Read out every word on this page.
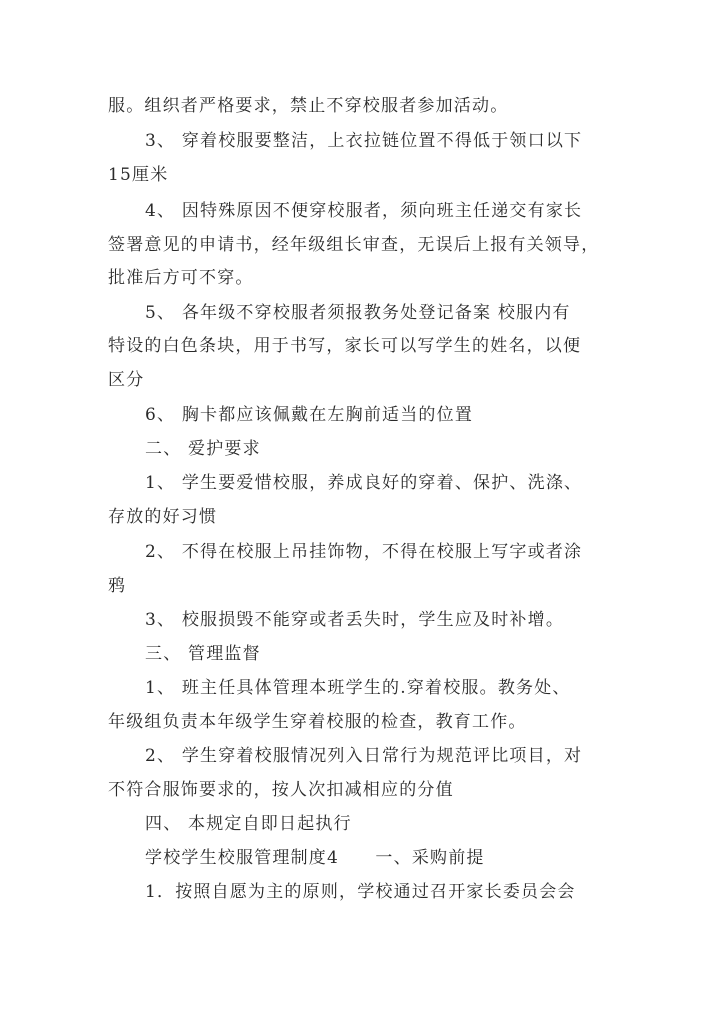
服。组织者严格要求，禁止不穿校服者参加活动。
3、 穿着校服要整洁，上衣拉链位置不得低于领口以下
15厘米
4、 因特殊原因不便穿校服者，须向班主任递交有家长
签署意见的申请书，经年级组长审查，无误后上报有关领导，
批准后方可不穿。
5、 各年级不穿校服者须报教务处登记备案 校服内有
特设的白色条块，用于书写，家长可以写学生的姓名，以便
区分
6、 胸卡都应该佩戴在左胸前适当的位置
二、 爱护要求
1、 学生要爱惜校服，养成良好的穿着、保护、洗涤、
存放的好习惯
2、 不得在校服上吊挂饰物，不得在校服上写字或者涂
鸦
3、 校服损毁不能穿或者丢失时，学生应及时补增。
三、 管理监督
1、 班主任具体管理本班学生的.穿着校服。教务处、
年级组负责本年级学生穿着校服的检查，教育工作。
2、 学生穿着校服情况列入日常行为规范评比项目，对
不符合服饰要求的，按人次扣减相应的分值
四、 本规定自即日起执行
学校学生校服管理制度4　　一、采购前提
1．按照自愿为主的原则，学校通过召开家长委员会会
